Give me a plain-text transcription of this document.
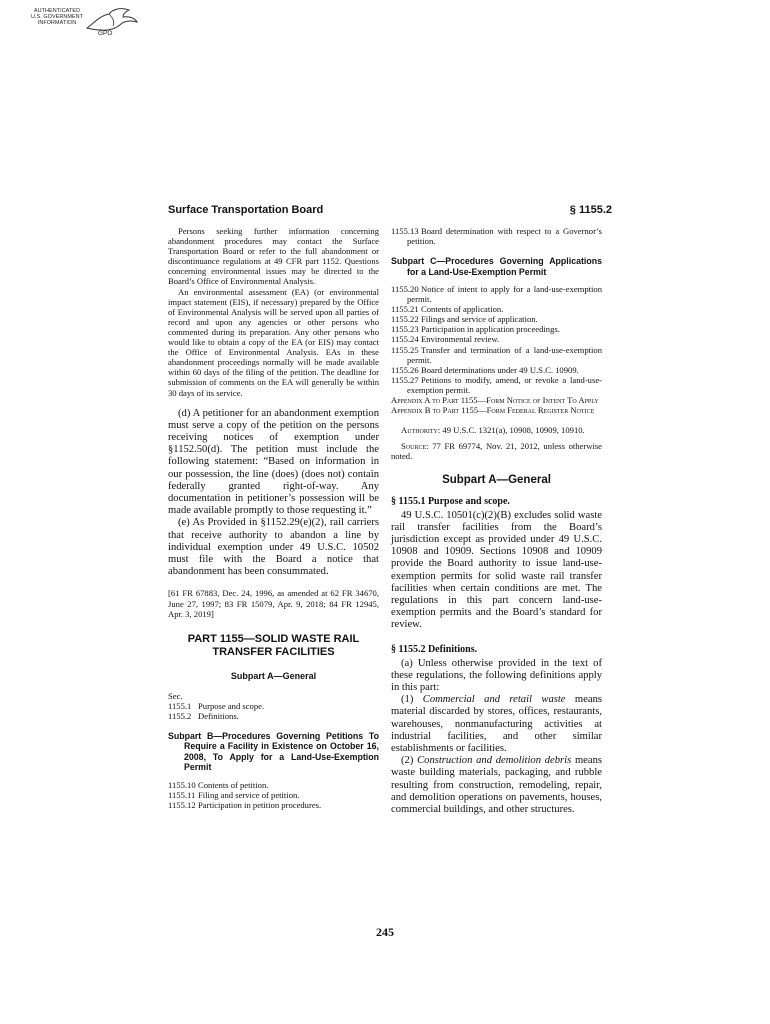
AUTHENTICATED
U.S. GOVERNMENT
INFORMATION
GPO
Surface Transportation Board	§ 1155.2

Persons seeking further information concerning abandonment procedures may contact the Surface Transportation Board or refer to the full abandonment or discontinuance regulations at 49 CFR part 1152. Questions concerning environmental issues may be directed to the Board’s Office of Environmental Analysis.

An environmental assessment (EA) (or environmental impact statement (EIS), if necessary) prepared by the Office of Environmental Analysis will be served upon all parties of record and upon any agencies or other persons who commented during its preparation. Any other persons who would like to obtain a copy of the EA (or EIS) may contact the Office of Environmental Analysis. EAs in these abandonment proceedings normally will be made available within 60 days of the filing of the petition. The deadline for submission of comments on the EA will generally be within 30 days of its service.

(d) A petitioner for an abandonment exemption must serve a copy of the petition on the persons receiving notices of exemption under §1152.50(d). The petition must include the following statement: “Based on information in our possession, the line (does) (does not) contain federally granted right-of-way. Any documentation in petitioner’s possession will be made available promptly to those requesting it.”

(e) As Provided in §1152.29(e)(2), rail carriers that receive authority to abandon a line by individual exemption under 49 U.S.C. 10502 must file with the Board a notice that abandonment has been consummated.

[61 FR 67883, Dec. 24, 1996, as amended at 62 FR 34670, June 27, 1997; 83 FR 15079, Apr. 9, 2018; 84 FR 12945, Apr. 3, 2019]

PART 1155—SOLID WASTE RAIL TRANSFER FACILITIES
Subpart A—General
Sec.
1155.1 Purpose and scope.
1155.2 Definitions.
Subpart B—Procedures Governing Petitions To Require a Facility in Existence on October 16, 2008, To Apply for a Land-Use-Exemption Permit
1155.10 Contents of petition.
1155.11 Filing and service of petition.
1155.12 Participation in petition procedures.
1155.13 Board determination with respect to a Governor’s petition.
Subpart C—Procedures Governing Applications for a Land-Use-Exemption Permit
1155.20 Notice of intent to apply for a land-use-exemption permit.
1155.21 Contents of application.
1155.22 Filings and service of application.
1155.23 Participation in application proceedings.
1155.24 Environmental review.
1155.25 Transfer and termination of a land-use-exemption permit.
1155.26 Board determinations under 49 U.S.C. 10909.
1155.27 Petitions to modify, amend, or revoke a land-use-exemption permit.
Appendix A to Part 1155—Form Notice of Intent To Apply
Appendix B to Part 1155—Form Federal Register Notice

Authority: 49 U.S.C. 1321(a), 10908, 10909, 10910.

Source: 77 FR 69774, Nov. 21, 2012, unless otherwise noted.

Subpart A—General
§ 1155.1 Purpose and scope.

49 U.S.C. 10501(c)(2)(B) excludes solid waste rail transfer facilities from the Board’s jurisdiction except as provided under 49 U.S.C. 10908 and 10909. Sections 10908 and 10909 provide the Board authority to issue land-use-exemption permits for solid waste rail transfer facilities when certain conditions are met. The regulations in this part concern land-use-exemption permits and the Board’s standard for review.

§ 1155.2 Definitions.

(a) Unless otherwise provided in the text of these regulations, the following definitions apply in this part:

(1) Commercial and retail waste means material discarded by stores, offices, restaurants, warehouses, nonmanufacturing activities at industrial facilities, and other similar establishments or facilities.

(2) Construction and demolition debris means waste building materials, packaging, and rubble resulting from construction, remodeling, repair, and demolition operations on pavements, houses, commercial buildings, and other structures.

245
